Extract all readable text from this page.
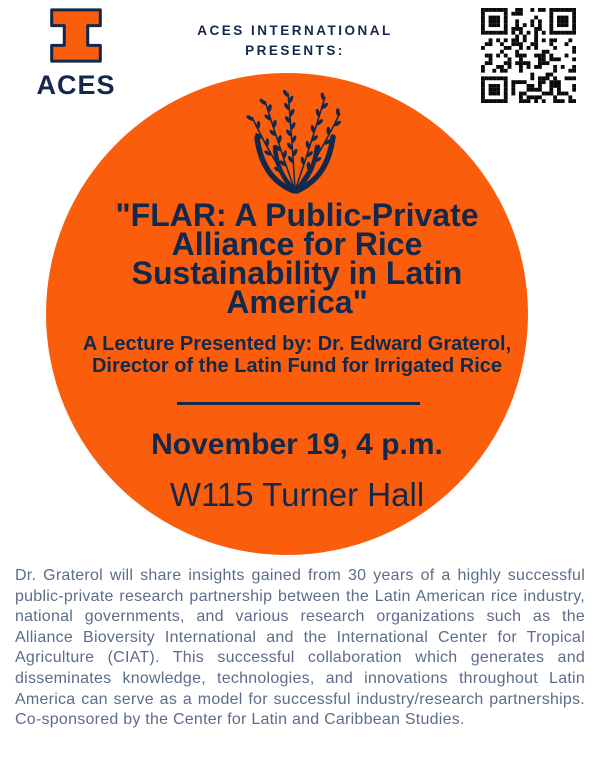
ACES
ACES INTERNATIONAL
PRESENTS:
"FLAR: A Public-Private
Alliance for Rice
Sustainability in Latin
America"
A Lecture Presented by: Dr. Edward Graterol,
Director of the Latin Fund for Irrigated Rice
November 19, 4 p.m.
W115 Turner Hall
Dr. Graterol will share insights gained from 30 years of a highly successful public-private research partnership between the Latin American rice industry, national governments, and various research organizations such as the Alliance Bioversity International and the International Center for Tropical Agriculture (CIAT). This successful collaboration which generates and disseminates knowledge, technologies, and innovations throughout Latin America can serve as a model for successful industry/research partnerships. Co-sponsored by the Center for Latin and Caribbean Studies.
